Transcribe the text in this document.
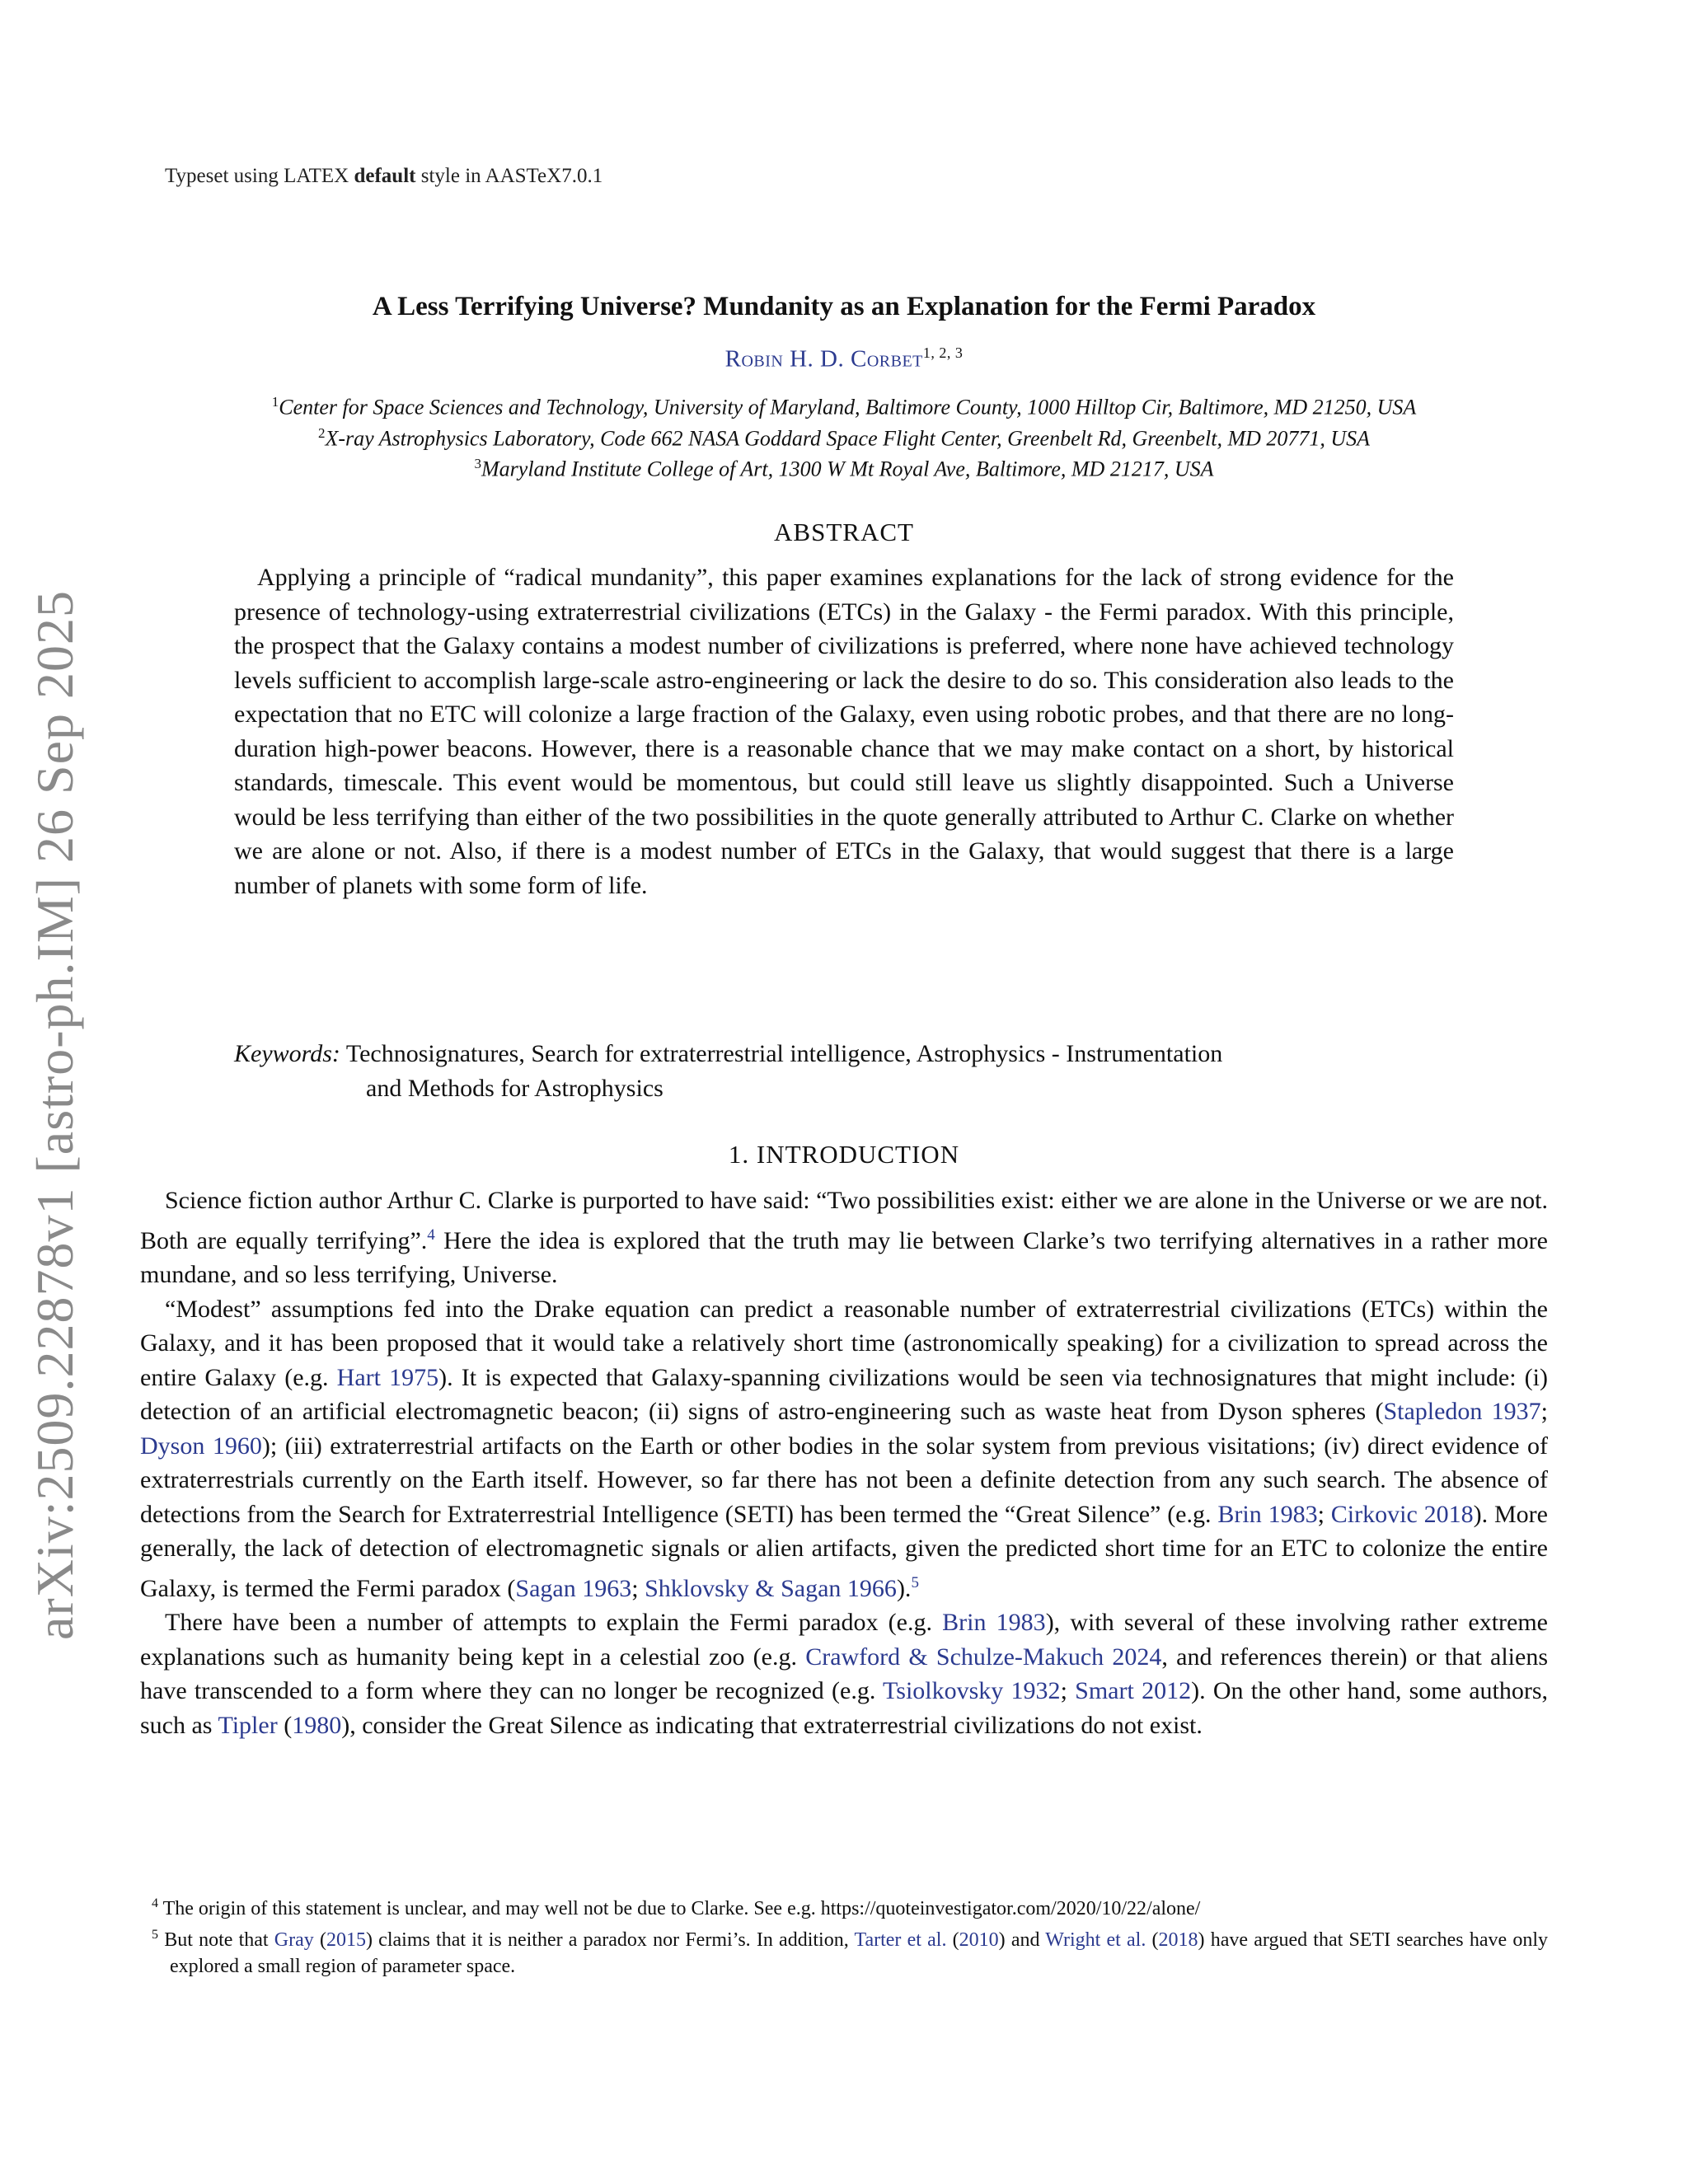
Typeset using LATEX default style in AASTeX7.0.1
arXiv:2509.22878v1 [astro-ph.IM] 26 Sep 2025
A Less Terrifying Universe? Mundanity as an Explanation for the Fermi Paradox
Robin H. D. Corbet$^{1, 2, 3}$
$^1$Center for Space Sciences and Technology, University of Maryland, Baltimore County, 1000 Hilltop Cir, Baltimore, MD 21250, USA
$^2$X-ray Astrophysics Laboratory, Code 662 NASA Goddard Space Flight Center, Greenbelt Rd, Greenbelt, MD 20771, USA
$^3$Maryland Institute College of Art, 1300 W Mt Royal Ave, Baltimore, MD 21217, USA
ABSTRACT
Applying a principle of “radical mundanity”, this paper examines explanations for the lack of strong evidence for the presence of technology-using extraterrestrial civilizations (ETCs) in the Galaxy - the Fermi paradox. With this principle, the prospect that the Galaxy contains a modest number of civilizations is preferred, where none have achieved technology levels sufficient to accomplish large-scale astro-engineering or lack the desire to do so. This consideration also leads to the expectation that no ETC will colonize a large fraction of the Galaxy, even using robotic probes, and that there are no long-duration high-power beacons. However, there is a reasonable chance that we may make contact on a short, by historical standards, timescale. This event would be momentous, but could still leave us slightly disappointed. Such a Universe would be less terrifying than either of the two possibilities in the quote generally attributed to Arthur C. Clarke on whether we are alone or not. Also, if there is a modest number of ETCs in the Galaxy, that would suggest that there is a large number of planets with some form of life.
Keywords: Technosignatures, Search for extraterrestrial intelligence, Astrophysics - Instrumentation
and Methods for Astrophysics
1. INTRODUCTION

Science fiction author Arthur C. Clarke is purported to have said: “Two possibilities exist: either we are alone in the Universe or we are not. Both are equally terrifying”.$^4$ Here the idea is explored that the truth may lie between Clarke’s two terrifying alternatives in a rather more mundane, and so less terrifying, Universe.

“Modest” assumptions fed into the Drake equation can predict a reasonable number of extraterrestrial civilizations (ETCs) within the Galaxy, and it has been proposed that it would take a relatively short time (astronomically speaking) for a civilization to spread across the entire Galaxy (e.g. Hart 1975). It is expected that Galaxy-spanning civilizations would be seen via technosignatures that might include: (i) detection of an artificial electromagnetic beacon; (ii) signs of astro-engineering such as waste heat from Dyson spheres (Stapledon 1937; Dyson 1960); (iii) extraterrestrial artifacts on the Earth or other bodies in the solar system from previous visitations; (iv) direct evidence of extraterrestrials currently on the Earth itself. However, so far there has not been a definite detection from any such search. The absence of detections from the Search for Extraterrestrial Intelligence (SETI) has been termed the “Great Silence” (e.g. Brin 1983; Cirkovic 2018). More generally, the lack of detection of electromagnetic signals or alien artifacts, given the predicted short time for an ETC to colonize the entire Galaxy, is termed the Fermi paradox (Sagan 1963; Shklovsky & Sagan 1966).$^5$

There have been a number of attempts to explain the Fermi paradox (e.g. Brin 1983), with several of these involving rather extreme explanations such as humanity being kept in a celestial zoo (e.g. Crawford & Schulze-Makuch 2024, and references therein) or that aliens have transcended to a form where they can no longer be recognized (e.g. Tsiolkovsky 1932; Smart 2012). On the other hand, some authors, such as Tipler (1980), consider the Great Silence as indicating that extraterrestrial civilizations do not exist.

$^4$ The origin of this statement is unclear, and may well not be due to Clarke. See e.g. https://quoteinvestigator.com/2020/10/22/alone/
$^5$ But note that Gray (2015) claims that it is neither a paradox nor Fermi’s. In addition, Tarter et al. (2010) and Wright et al. (2018) have argued that SETI searches have only explored a small region of parameter space.
